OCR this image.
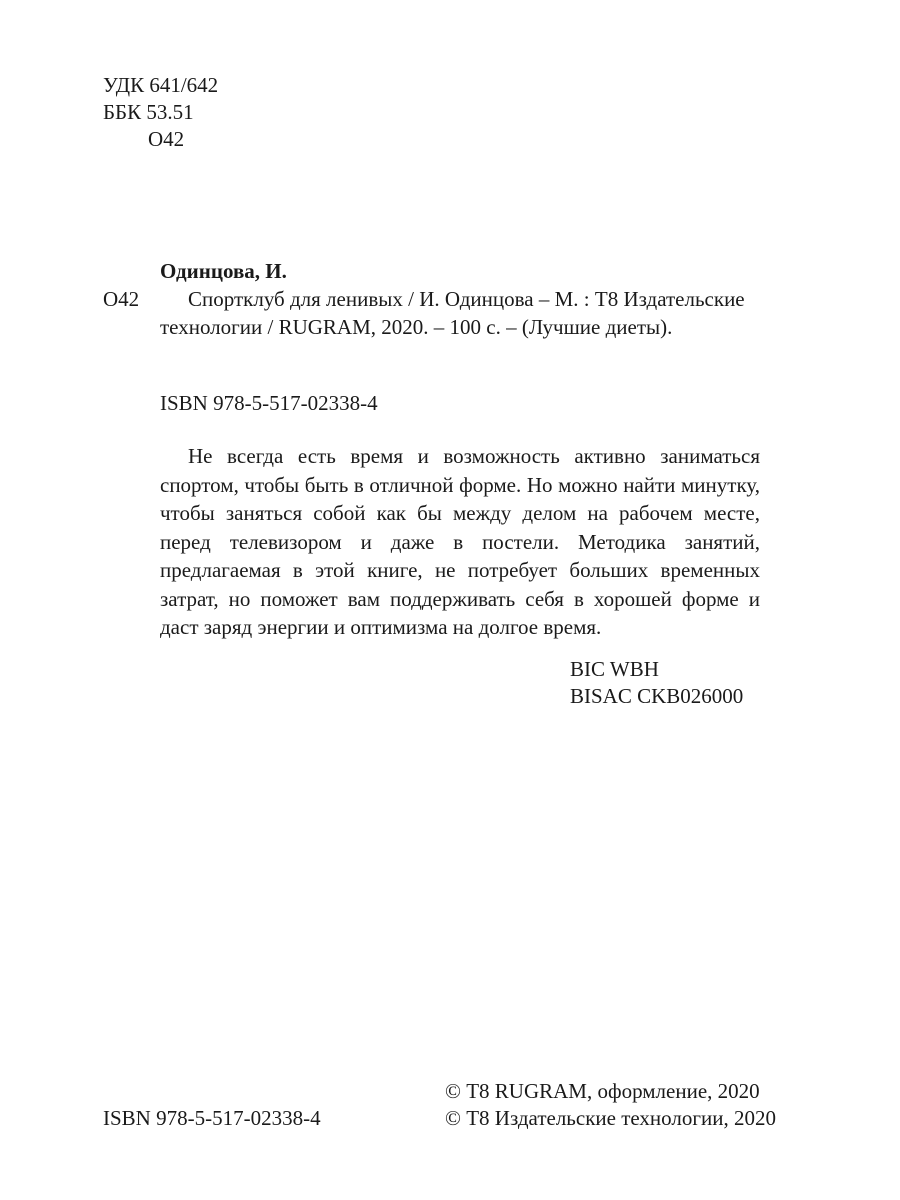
УДК 641/642
ББК 53.51
О42
Одинцова, И.
О42 Спортклуб для ленивых / И. Одинцова – М. : Т8 Издательские
технологии / RUGRAM, 2020. – 100 с. – (Лучшие диеты).
ISBN 978-5-517-02338-4

Не всегда есть время и возможность активно заниматься спортом, чтобы быть в отличной форме. Но можно найти минутку, чтобы заняться собой как бы между делом на рабочем месте, перед телевизором и даже в постели. Методика занятий, предлагаемая в этой книге, не потребует больших временных затрат, но поможет вам поддерживать себя в хорошей форме и даст заряд энергии и оптимизма на долгое время.

BIC WBH
BISAC CKB026000
© Т8 RUGRAM, оформление, 2020
© Т8 Издательские технологии, 2020
ISBN 978-5-517-02338-4
